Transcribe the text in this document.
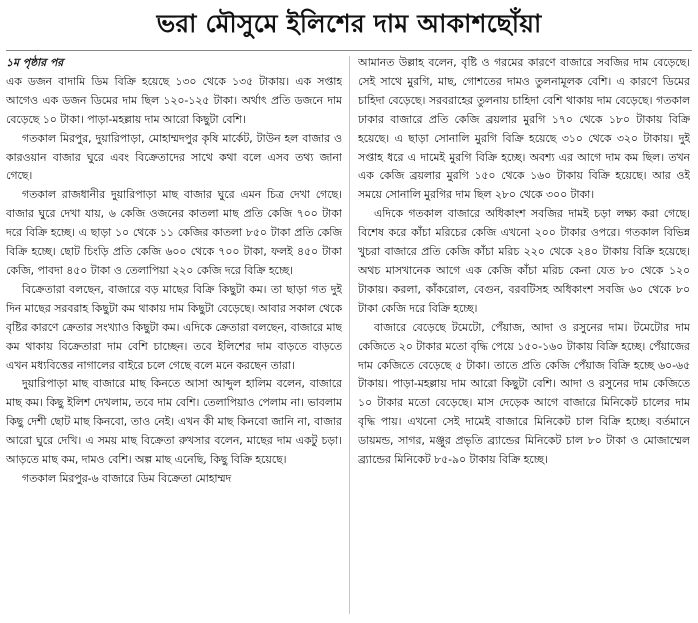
ভরা মৌসুমে ইলিশের দাম আকাশছোঁয়া

১ম পৃষ্ঠার পর
এক ডজন বাদামি ডিম বিক্রি হয়েছে ১৩০ থেকে ১৩৫ টাকায়। এক সপ্তাহ আগেও এক ডজন ডিমের দাম ছিল ১২০-১২৫ টাকা। অর্থাৎ প্রতি ডজনে দাম বেড়েছে ১০ টাকা। পাড়া-মহল্লায় দাম আরো কিছুটা বেশি।

গতকাল মিরপুর, দুয়ারিপাড়া, মোহাম্মদপুর কৃষি মার্কেট, টাউন হল বাজার ও কারওয়ান বাজার ঘুরে এবং বিক্রেতাদের সাথে কথা বলে এসব তথ্য জানা গেছে।

গতকাল রাজধানীর দুয়ারিপাড়া মাছ বাজার ঘুরে এমন চিত্র দেখা গেছে। বাজার ঘুরে দেখা যায়, ৬ কেজি ওজনের কাতলা মাছ প্রতি কেজি ৭০০ টাকা দরে বিক্রি হচ্ছে। এ ছাড়া ১০ থেকে ১১ কেজির কাতলা ৮৫০ টাকা প্রতি কেজি বিক্রি হচ্ছে। ছোট চিংড়ি প্রতি কেজি ৬০০ থেকে ৭০০ টাকা, ফলই ৪৫০ টাকা কেজি, পাবদা ৪৫০ টাকা ও তেলাপিয়া ২২০ কেজি দরে বিক্রি হচ্ছে।

বিক্রেতারা বলছেন, বাজারে বড় মাছের বিক্রি কিছুটা কম। তা ছাড়া গত দুই দিন মাছের সরবরাহ কিছুটা কম থাকায় দাম কিছুটা বেড়েছে। আবার সকাল থেকে বৃষ্টির কারণে ক্রেতার সংখ্যাও কিছুটা কম। এদিকে ক্রেতারা বলছেন, বাজারে মাছ কম থাকায় বিক্রেতারা দাম বেশি চাচ্ছেন। তবে ইলিশের দাম বাড়তে বাড়তে এখন মধ্যবিত্তের নাগালের বাইরে চলে গেছে বলে মনে করছেন তারা।

দুয়ারিপাড়া মাছ বাজারে মাছ কিনতে আসা আব্দুল হালিম বলেন, বাজারে মাছ কম। কিছু ইলিশ দেখলাম, তবে দাম বেশি। তেলাপিয়াও পেলাম না। ভাবলাম কিছু দেশী ছোট মাছ কিনবো, তাও নেই। এখন কী মাছ কিনবো জানি না, বাজার আরো ঘুরে দেখি। এ সময় মাছ বিক্রেতা রুখসার বলেন, মাছের দাম একটু চড়া। আড়তে মাছ কম, দামও বেশি। অল্প মাছ এনেছি, কিছু বিক্রি হয়েছে।

গতকাল মিরপুর-৬ বাজারে ডিম বিক্রেতা মোহাম্মদ

আমানত উল্লাহ বলেন, বৃষ্টি ও গরমের কারণে বাজারে সবজির দাম বেড়েছে। সেই সাথে মুরগি, মাছ, গোশতের দামও তুলনামূলক বেশি। এ কারণে ডিমের চাহিদা বেড়েছে। সরবরাহের তুলনায় চাহিদা বেশি থাকায় দাম বেড়েছে। গতকাল ঢাকার বাজারে প্রতি কেজি ব্রয়লার মুরগি ১৭০ থেকে ১৮০ টাকায় বিক্রি হয়েছে। এ ছাড়া সোনালি মুরগি বিক্রি হয়েছে ৩১০ থেকে ৩২০ টাকায়। দুই সপ্তাহ ধরে এ দামেই মুরগি বিক্রি হচ্ছে। অবশ্য এর আগে দাম কম ছিল। তখন এক কেজি ব্রয়লার মুরগি ১৫০ থেকে ১৬০ টাকায় বিক্রি হয়েছে। আর ওই সময়ে সোনালি মুরগির দাম ছিল ২৮০ থেকে ৩০০ টাকা।

এদিকে গতকাল বাজারে অধিকাংশ সবজির দামই চড়া লক্ষ্য করা গেছে। বিশেষ করে কাঁচা মরিচের কেজি এখনো ২০০ টাকার ওপরে। গতকাল বিভিন্ন খুচরা বাজারে প্রতি কেজি কাঁচা মরিচ ২২০ থেকে ২৪০ টাকায় বিক্রি হয়েছে। অথচ মাসখানেক আগে এক কেজি কাঁচা মরিচ কেনা যেত ৮০ থেকে ১২০ টাকায়। করলা, কাঁকরোল, বেগুন, বরবটিসহ অধিকাংশ সবজি ৬০ থেকে ৮০ টাকা কেজি দরে বিক্রি হচ্ছে।

বাজারে বেড়েছে টমেটো, পেঁয়াজ, আদা ও রসুনের দাম। টমেটোর দাম কেজিতে ২০ টাকার মতো বৃদ্ধি পেয়ে ১৫০-১৬০ টাকায় বিক্রি হচ্ছে। পেঁয়াজের দাম কেজিতে বেড়েছে ৫ টাকা। তাতে প্রতি কেজি পেঁয়াজ বিক্রি হচ্ছে ৬০-৬৫ টাকায়। পাড়া-মহল্লায় দাম আরো কিছুটা বেশি। আদা ও রসুনের দাম কেজিতে ১০ টাকার মতো বেড়েছে। মাস দেড়েক আগে বাজারে মিনিকেট চালের দাম বৃদ্ধি পায়। এখনো সেই দামেই বাজারে মিনিকেট চাল বিক্রি হচ্ছে। বর্তমানে ডায়মন্ড, সাগর, মঞ্জুর প্রভৃতি ব্র্যান্ডের মিনিকেট চাল ৮০ টাকা ও মোজাম্মেল ব্র্যান্ডের মিনিকেট ৮৫-৯০ টাকায় বিক্রি হচ্ছে।
